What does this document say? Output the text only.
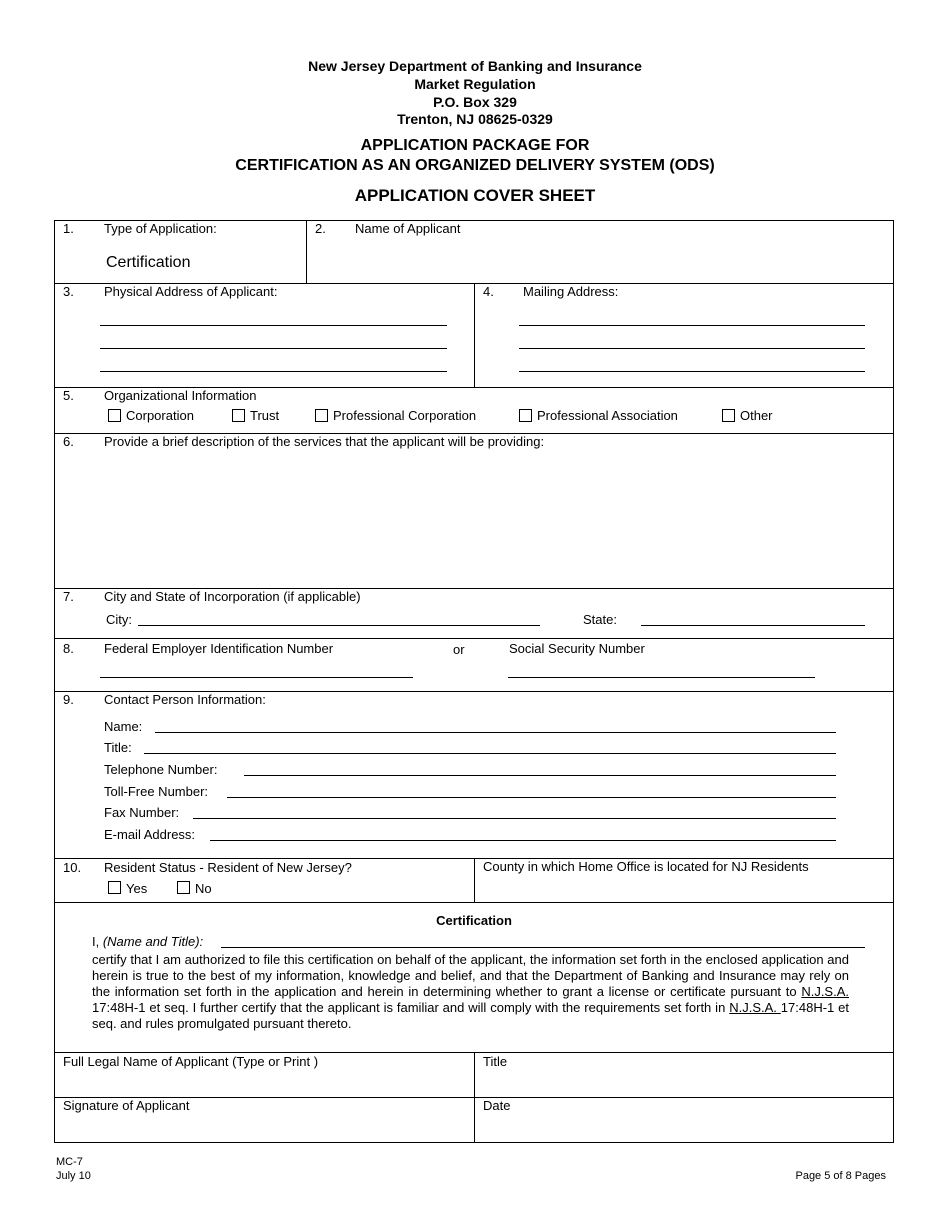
New Jersey Department of Banking and Insurance
Market Regulation
P.O. Box 329
Trenton, NJ 08625-0329
APPLICATION PACKAGE FOR
CERTIFICATION AS AN ORGANIZED DELIVERY SYSTEM (ODS)
APPLICATION COVER SHEET
1. Type of Application:
Certification
2. Name of Applicant
3. Physical Address of Applicant:	4. Mailing Address:
5. Organizational Information
Corporation	Trust	Professional Corporation	Professional Association	Other
6. Provide a brief description of the services that the applicant will be providing:
7. City and State of Incorporation (if applicable)
City:	State:
8. Federal Employer Identification Number	or	Social Security Number
9. Contact Person Information:
Name:
Title:
Telephone Number:
Toll-Free Number:
Fax Number:
E-mail Address:
10. Resident Status - Resident of New Jersey?
Yes	No
County in which Home Office is located for NJ Residents
Certification
I, (Name and Title):
certify that I am authorized to file this certification on behalf of the applicant, the information set forth in the enclosed application and herein is true to the best of my information, knowledge and belief, and that the Department of Banking and Insurance may rely on the information set forth in the application and herein in determining whether to grant a license or certificate pursuant to N.J.S.A. 17:48H-1 et seq. I further certify that the applicant is familiar and will comply with the requirements set forth in N.J.S.A. 17:48H-1 et seq. and rules promulgated pursuant thereto.
Full Legal Name of Applicant (Type or Print )	Title
Signature of Applicant	Date
MC-7
July 10	Page 5 of 8 Pages
